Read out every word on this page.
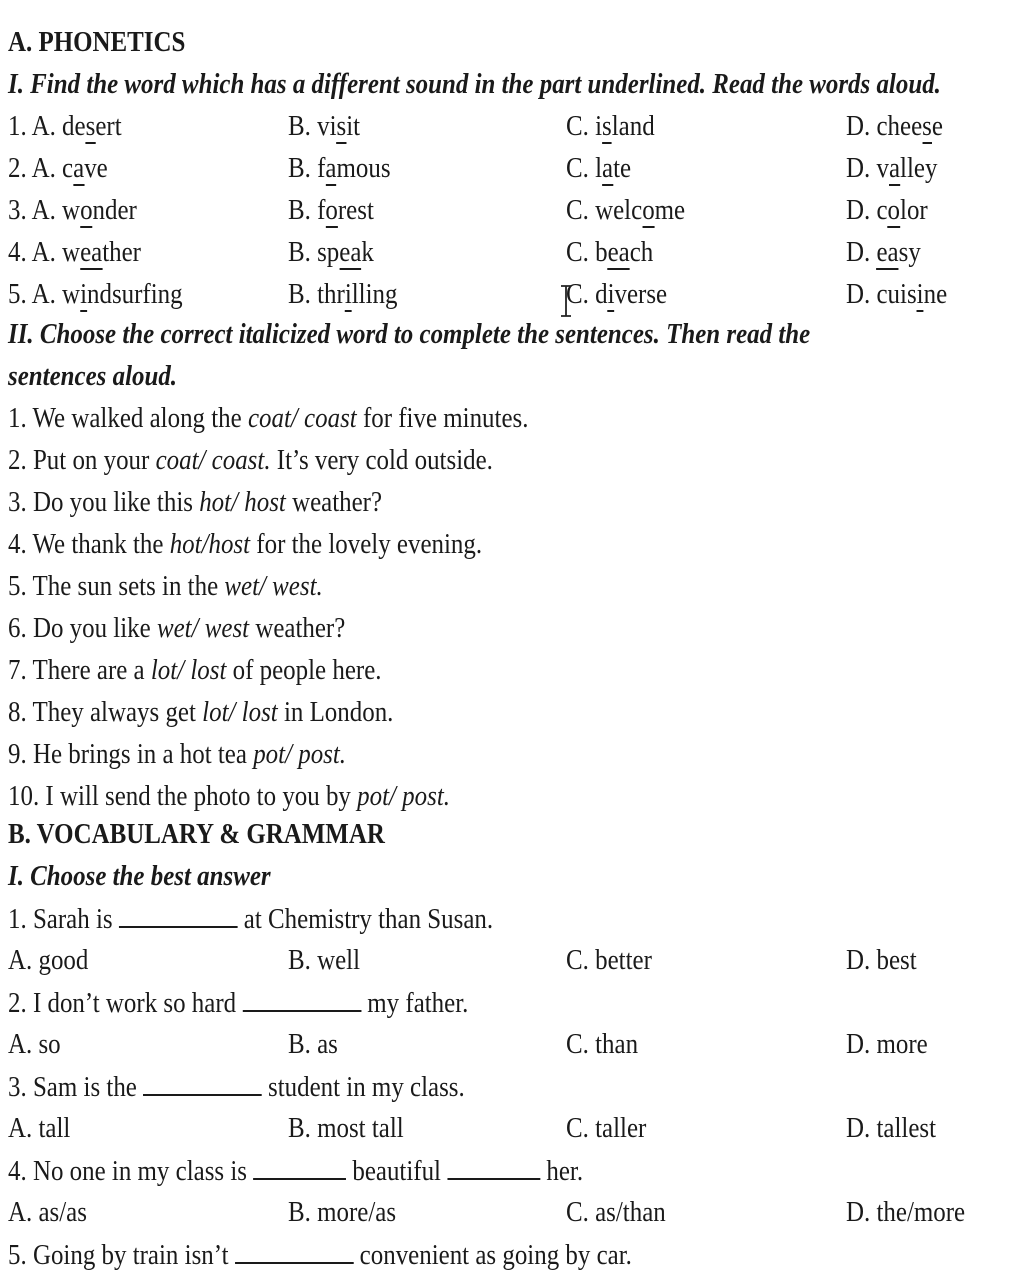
A. PHONETICS
I. Find the word which has a different sound in the part underlined. Read the words aloud.
1. A. desert	B. visit	C. island	D. cheese
2. A. cave	B. famous	C. late	D. valley
3. A. wonder	B. forest	C. welcome	D. color
4. A. weather	B. speak	C. beach	D. easy
5. A. windsurfing	B. thrilling	C. diverse	D. cuisine
II. Choose the correct italicized word to complete the sentences. Then read the
sentences aloud.
1. We walked along the coat/ coast for five minutes.
2. Put on your coat/ coast. It’s very cold outside.
3. Do you like this hot/ host weather?
4. We thank the hot/host for the lovely evening.
5. The sun sets in the wet/ west.
6. Do you like wet/ west weather?
7. There are a lot/ lost of people here.
8. They always get lot/ lost in London.
9. He brings in a hot tea pot/ post.
10. I will send the photo to you by pot/ post.
B. VOCABULARY & GRAMMAR
I. Choose the best answer
1. Sarah is	at Chemistry than Susan.
A. good	B. well	C. better	D. best
2. I don’t work so hard	my father.
A. so	B. as	C. than	D. more
3. Sam is the	student in my class.
A. tall	B. most tall	C. taller	D. tallest
4. No one in my class is	beautiful	her.
A. as/as	B. more/as	C. as/than	D. the/more
5. Going by train isn’t	convenient as going by car.
